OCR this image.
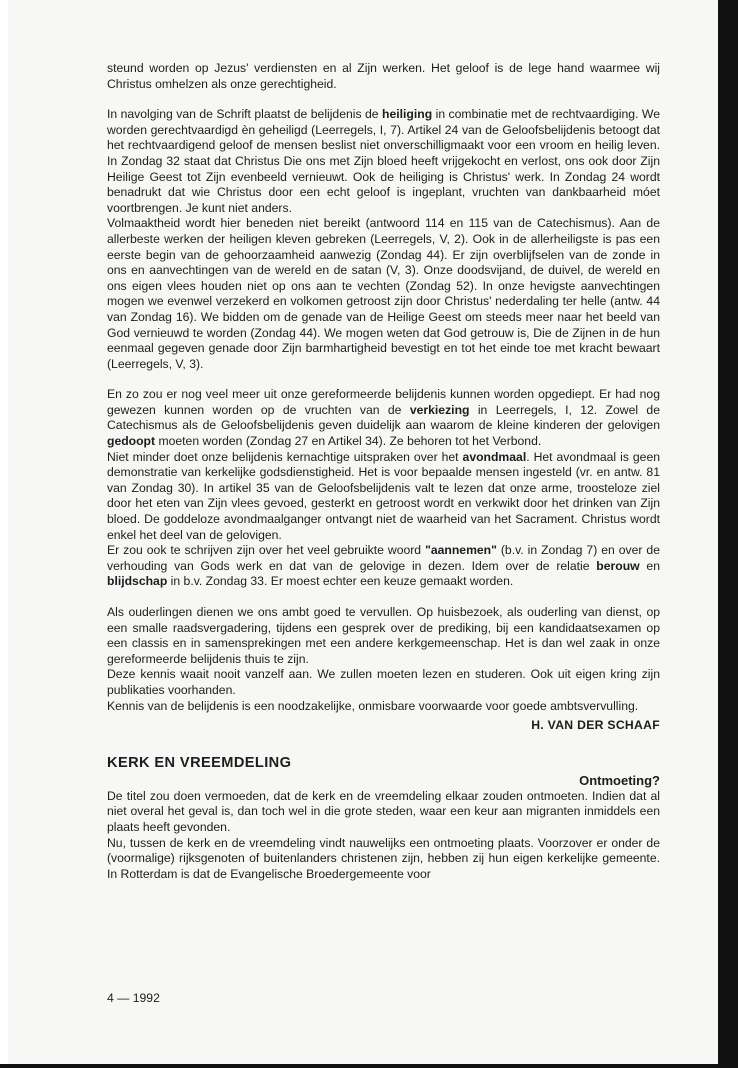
steund worden op Jezus' verdiensten en al Zijn werken. Het geloof is de lege hand waarmee wij Christus omhelzen als onze gerechtigheid.

In navolging van de Schrift plaatst de belijdenis de heiliging in combinatie met de rechtvaardiging. We worden gerechtvaardigd èn geheiligd (Leerregels, I, 7). Artikel 24 van de Geloofsbelijdenis betoogt dat het rechtvaardigend geloof de mensen beslist niet onverschilligmaakt voor een vroom en heilig leven. In Zondag 32 staat dat Christus Die ons met Zijn bloed heeft vrijgekocht en verlost, ons ook door Zijn Heilige Geest tot Zijn evenbeeld vernieuwt. Ook de heiliging is Christus' werk. In Zondag 24 wordt benadrukt dat wie Christus door een echt geloof is ingeplant, vruchten van dankbaarheid móet voortbrengen. Je kunt niet anders.

Volmaaktheid wordt hier beneden niet bereikt (antwoord 114 en 115 van de Catechismus). Aan de allerbeste werken der heiligen kleven gebreken (Leerregels, V, 2). Ook in de allerheiligste is pas een eerste begin van de gehoorzaamheid aanwezig (Zondag 44). Er zijn overblijfselen van de zonde in ons en aanvechtingen van de wereld en de satan (V, 3). Onze doodsvijand, de duivel, de wereld en ons eigen vlees houden niet op ons aan te vechten (Zondag 52). In onze hevigste aanvechtingen mogen we evenwel verzekerd en volkomen getroost zijn door Christus' nederdaling ter helle (antw. 44 van Zondag 16). We bidden om de genade van de Heilige Geest om steeds meer naar het beeld van God vernieuwd te worden (Zondag 44). We mogen weten dat God getrouw is, Die de Zijnen in de hun eenmaal gegeven genade door Zijn barmhartigheid bevestigt en tot het einde toe met kracht bewaart (Leerregels, V, 3).

En zo zou er nog veel meer uit onze gereformeerde belijdenis kunnen worden opgediept. Er had nog gewezen kunnen worden op de vruchten van de verkiezing in Leerregels, I, 12. Zowel de Catechismus als de Geloofsbelijdenis geven duidelijk aan waarom de kleine kinderen der gelovigen gedoopt moeten worden (Zondag 27 en Artikel 34). Ze behoren tot het Verbond.

Niet minder doet onze belijdenis kernachtige uitspraken over het avondmaal. Het avondmaal is geen demonstratie van kerkelijke godsdienstigheid. Het is voor bepaalde mensen ingesteld (vr. en antw. 81 van Zondag 30). In artikel 35 van de Geloofsbelijdenis valt te lezen dat onze arme, troosteloze ziel door het eten van Zijn vlees gevoed, gesterkt en getroost wordt en verkwikt door het drinken van Zijn bloed. De goddeloze avondmaalganger ontvangt niet de waarheid van het Sacrament. Christus wordt enkel het deel van de gelovigen.

Er zou ook te schrijven zijn over het veel gebruikte woord "aannemen" (b.v. in Zondag 7) en over de verhouding van Gods werk en dat van de gelovige in dezen. Idem over de relatie berouw en blijdschap in b.v. Zondag 33. Er moest echter een keuze gemaakt worden.

Als ouderlingen dienen we ons ambt goed te vervullen. Op huisbezoek, als ouderling van dienst, op een smalle raadsvergadering, tijdens een gesprek over de prediking, bij een kandidaatsexamen op een classis en in samensprekingen met een andere kerkgemeenschap. Het is dan wel zaak in onze gereformeerde belijdenis thuis te zijn.

Deze kennis waait nooit vanzelf aan. We zullen moeten lezen en studeren. Ook uit eigen kring zijn publikaties voorhanden.

Kennis van de belijdenis is een noodzakelijke, onmisbare voorwaarde voor goede ambtsvervulling.

H. VAN DER SCHAAF

KERK EN VREEMDELING

Ontmoeting?

De titel zou doen vermoeden, dat de kerk en de vreemdeling elkaar zouden ontmoeten. Indien dat al niet overal het geval is, dan toch wel in die grote steden, waar een keur aan migranten inmiddels een plaats heeft gevonden.

Nu, tussen de kerk en de vreemdeling vindt nauwelijks een ontmoeting plaats. Voorzover er onder de (voormalige) rijksgenoten of buitenlanders christenen zijn, hebben zij hun eigen kerkelijke gemeente. In Rotterdam is dat de Evangelische Broedergemeente voor

4 — 1992
